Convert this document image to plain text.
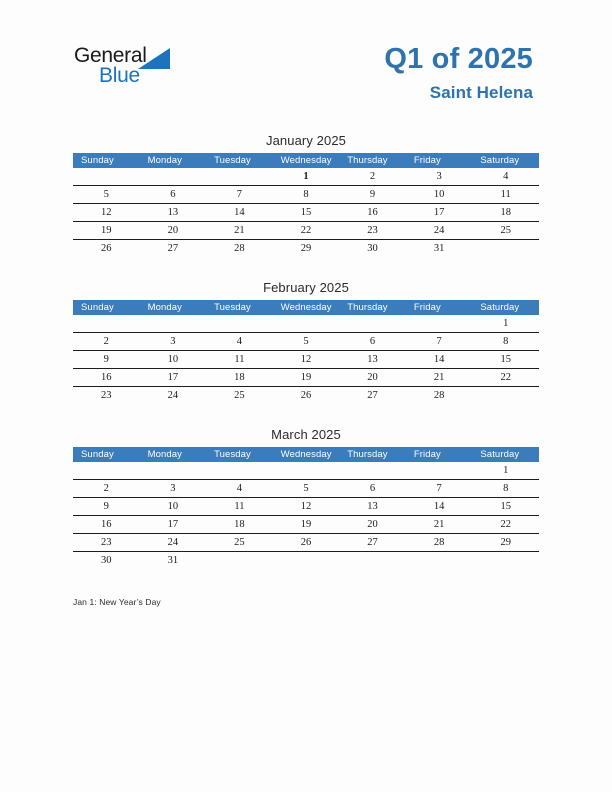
General
Blue
Q1 of 2025
Saint Helena
January 2025
Sunday	Monday	Tuesday	Wednesday	Thursday	Friday	Saturday
			1	2	3	4
5	6	7	8	9	10	11
12	13	14	15	16	17	18
19	20	21	22	23	24	25
26	27	28	29	30	31	
February 2025
Sunday	Monday	Tuesday	Wednesday	Thursday	Friday	Saturday
						1
2	3	4	5	6	7	8
9	10	11	12	13	14	15
16	17	18	19	20	21	22
23	24	25	26	27	28	
March 2025
Sunday	Monday	Tuesday	Wednesday	Thursday	Friday	Saturday
						1
2	3	4	5	6	7	8
9	10	11	12	13	14	15
16	17	18	19	20	21	22
23	24	25	26	27	28	29
30	31					
Jan 1: New Year’s Day
